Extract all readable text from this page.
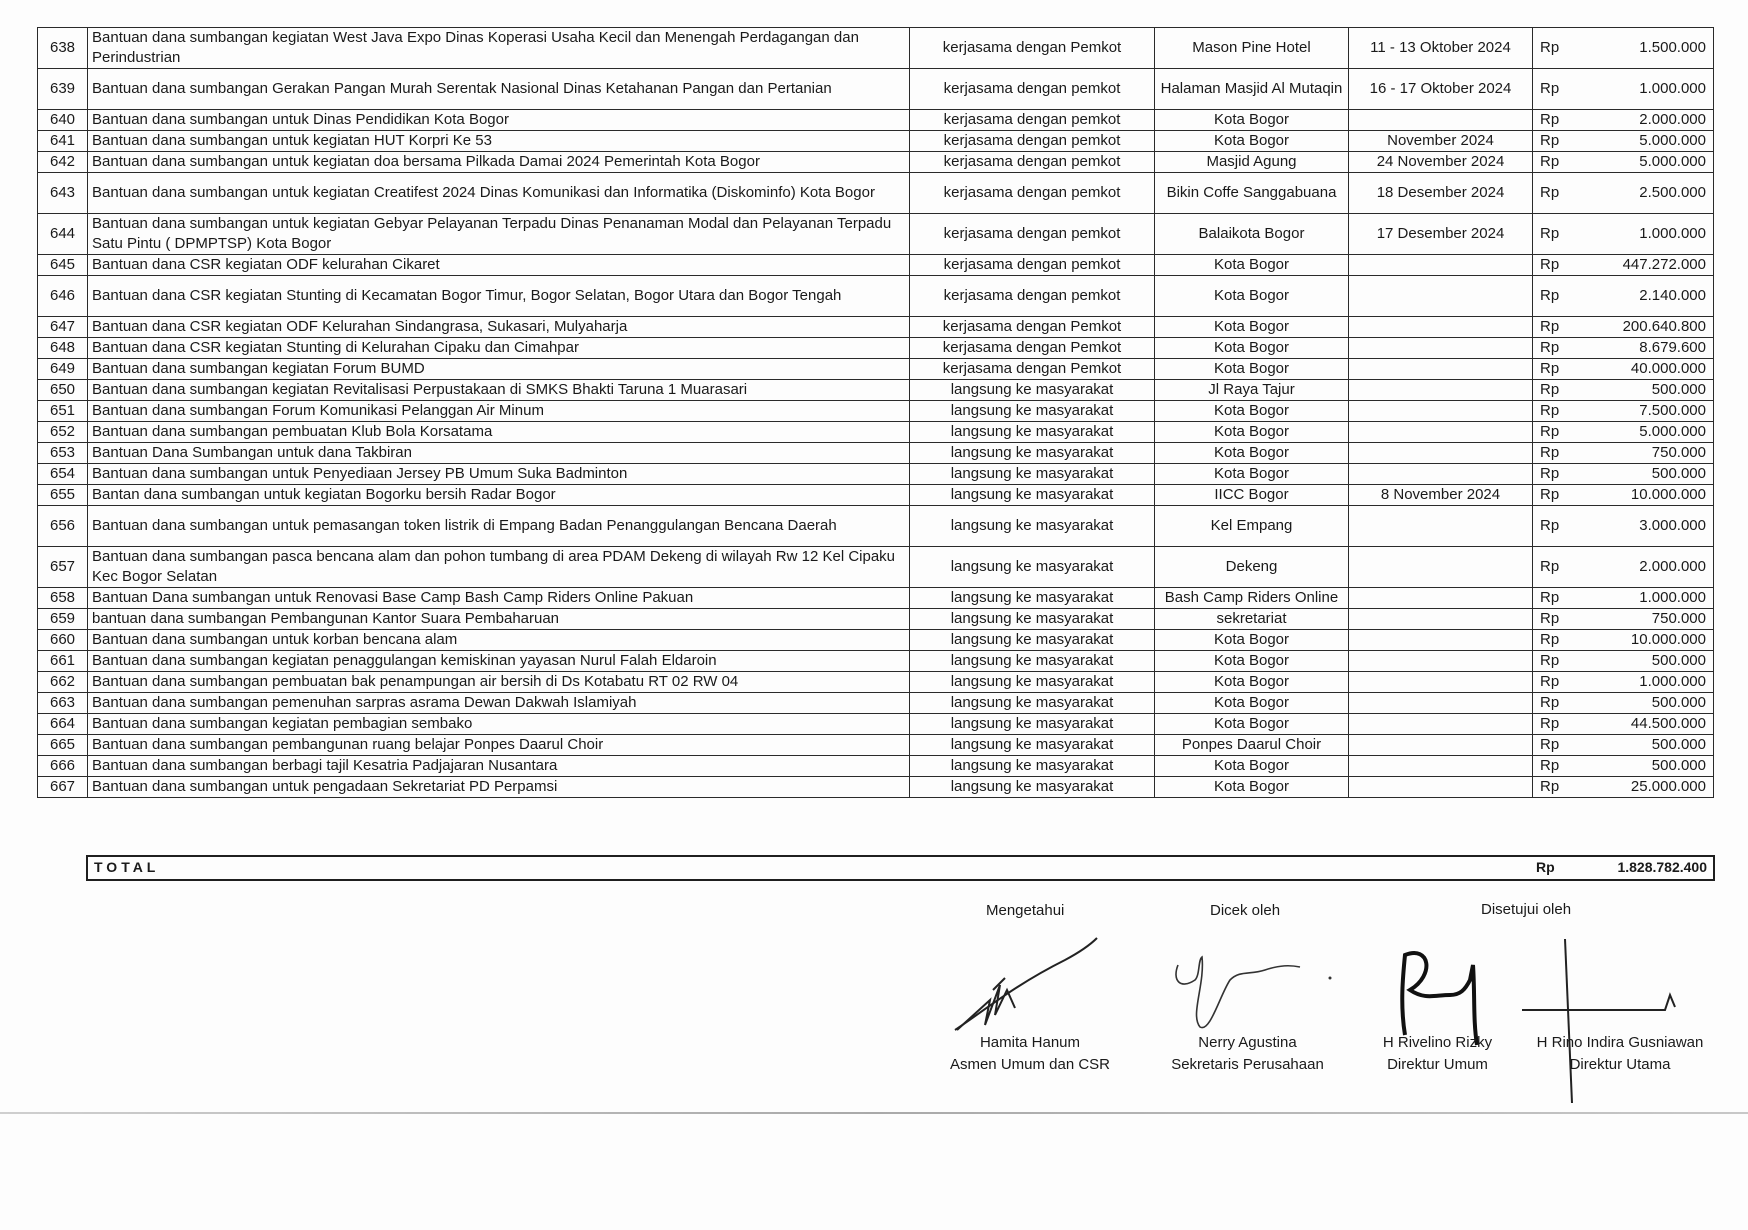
638	Bantuan dana sumbangan kegiatan West Java Expo Dinas Koperasi Usaha Kecil dan Menengah Perdagangan dan Perindustrian	kerjasama dengan Pemkot	Mason Pine Hotel	11 - 13 Oktober 2024	Rp 1.500.000

639	Bantuan dana sumbangan Gerakan Pangan Murah Serentak Nasional Dinas Ketahanan Pangan dan Pertanian	kerjasama dengan pemkot	Halaman Masjid Al Mutaqin	16 - 17 Oktober 2024	Rp 1.000.000

640	Bantuan dana sumbangan untuk Dinas Pendidikan Kota Bogor	kerjasama dengan pemkot	Kota Bogor		Rp 2.000.000

641	Bantuan dana sumbangan untuk kegiatan HUT Korpri Ke 53	kerjasama dengan pemkot	Kota Bogor	November 2024	Rp 5.000.000

642	Bantuan dana sumbangan untuk kegiatan doa bersama Pilkada Damai 2024 Pemerintah Kota Bogor	kerjasama dengan pemkot	Masjid Agung	24 November 2024	Rp 5.000.000

643	Bantuan dana sumbangan untuk kegiatan Creatifest 2024 Dinas Komunikasi dan Informatika (Diskominfo) Kota Bogor	kerjasama dengan pemkot	Bikin Coffe Sanggabuana	18 Desember 2024	Rp 2.500.000

644	Bantuan dana sumbangan untuk kegiatan Gebyar Pelayanan Terpadu Dinas Penanaman Modal dan Pelayanan Terpadu Satu Pintu ( DPMPTSP) Kota Bogor	kerjasama dengan pemkot	Balaikota Bogor	17 Desember 2024	Rp 1.000.000

645	Bantuan dana CSR kegiatan ODF kelurahan Cikaret	kerjasama dengan pemkot	Kota Bogor		Rp 447.272.000

646	Bantuan dana CSR kegiatan Stunting di Kecamatan Bogor Timur, Bogor Selatan, Bogor Utara dan Bogor Tengah	kerjasama dengan pemkot	Kota Bogor		Rp 2.140.000

647	Bantuan dana CSR kegiatan ODF Kelurahan Sindangrasa, Sukasari, Mulyaharja	kerjasama dengan Pemkot	Kota Bogor		Rp 200.640.800

648	Bantuan dana CSR kegiatan Stunting di Kelurahan Cipaku dan Cimahpar	kerjasama dengan Pemkot	Kota Bogor		Rp 8.679.600

649	Bantuan dana sumbangan kegiatan Forum BUMD	kerjasama dengan Pemkot	Kota Bogor		Rp 40.000.000

650	Bantuan dana sumbangan kegiatan Revitalisasi Perpustakaan di SMKS Bhakti Taruna 1 Muarasari	langsung ke masyarakat	Jl Raya Tajur		Rp 500.000

651	Bantuan dana sumbangan Forum Komunikasi Pelanggan Air Minum	langsung ke masyarakat	Kota Bogor		Rp 7.500.000

652	Bantuan dana sumbangan pembuatan Klub Bola Korsatama	langsung ke masyarakat	Kota Bogor		Rp 5.000.000

653	Bantuan Dana Sumbangan untuk dana Takbiran	langsung ke masyarakat	Kota Bogor		Rp 750.000

654	Bantuan dana sumbangan untuk Penyediaan Jersey PB Umum Suka Badminton	langsung ke masyarakat	Kota Bogor		Rp 500.000

655	Bantan dana sumbangan untuk kegiatan Bogorku bersih Radar Bogor	langsung ke masyarakat	IICC Bogor	8 November 2024	Rp 10.000.000

656	Bantuan dana sumbangan untuk pemasangan token listrik di Empang Badan Penanggulangan Bencana Daerah	langsung ke masyarakat	Kel Empang		Rp 3.000.000

657	Bantuan dana sumbangan pasca bencana alam dan pohon tumbang di area PDAM Dekeng di wilayah Rw 12 Kel Cipaku Kec Bogor Selatan	langsung ke masyarakat	Dekeng		Rp 2.000.000

658	Bantuan Dana sumbangan untuk Renovasi Base Camp Bash Camp Riders Online Pakuan	langsung ke masyarakat	Bash Camp Riders Online		Rp 1.000.000

659	bantuan dana sumbangan Pembangunan Kantor Suara Pembaharuan	langsung ke masyarakat	sekretariat		Rp 750.000

660	Bantuan dana sumbangan untuk korban bencana alam	langsung ke masyarakat	Kota Bogor		Rp 10.000.000

661	Bantuan dana sumbangan kegiatan penaggulangan kemiskinan yayasan Nurul Falah Eldaroin	langsung ke masyarakat	Kota Bogor		Rp 500.000

662	Bantuan dana sumbangan pembuatan bak penampungan air bersih di Ds Kotabatu RT 02 RW 04	langsung ke masyarakat	Kota Bogor		Rp 1.000.000

663	Bantuan dana sumbangan pemenuhan sarpras asrama Dewan Dakwah Islamiyah	langsung ke masyarakat	Kota Bogor		Rp 500.000

664	Bantuan dana sumbangan kegiatan pembagian sembako	langsung ke masyarakat	Kota Bogor		Rp 44.500.000

665	Bantuan dana sumbangan pembangunan ruang belajar Ponpes Daarul Choir	langsung ke masyarakat	Ponpes Daarul Choir		Rp 500.000

666	Bantuan dana sumbangan berbagi tajil Kesatria Padjajaran Nusantara	langsung ke masyarakat	Kota Bogor		Rp 500.000

667	Bantuan dana sumbangan untuk pengadaan Sekretariat PD Perpamsi	langsung ke masyarakat	Kota Bogor		Rp 25.000.000
TOTAL	Rp	1.828.782.400
Mengetahui	Dicek oleh	Disetujui oleh
Hamita Hanum
Asmen Umum dan CSR
Nerry Agustina
Sekretaris Perusahaan
H Rivelino Rizky
Direktur Umum
H Rino Indira Gusniawan
Direktur Utama
